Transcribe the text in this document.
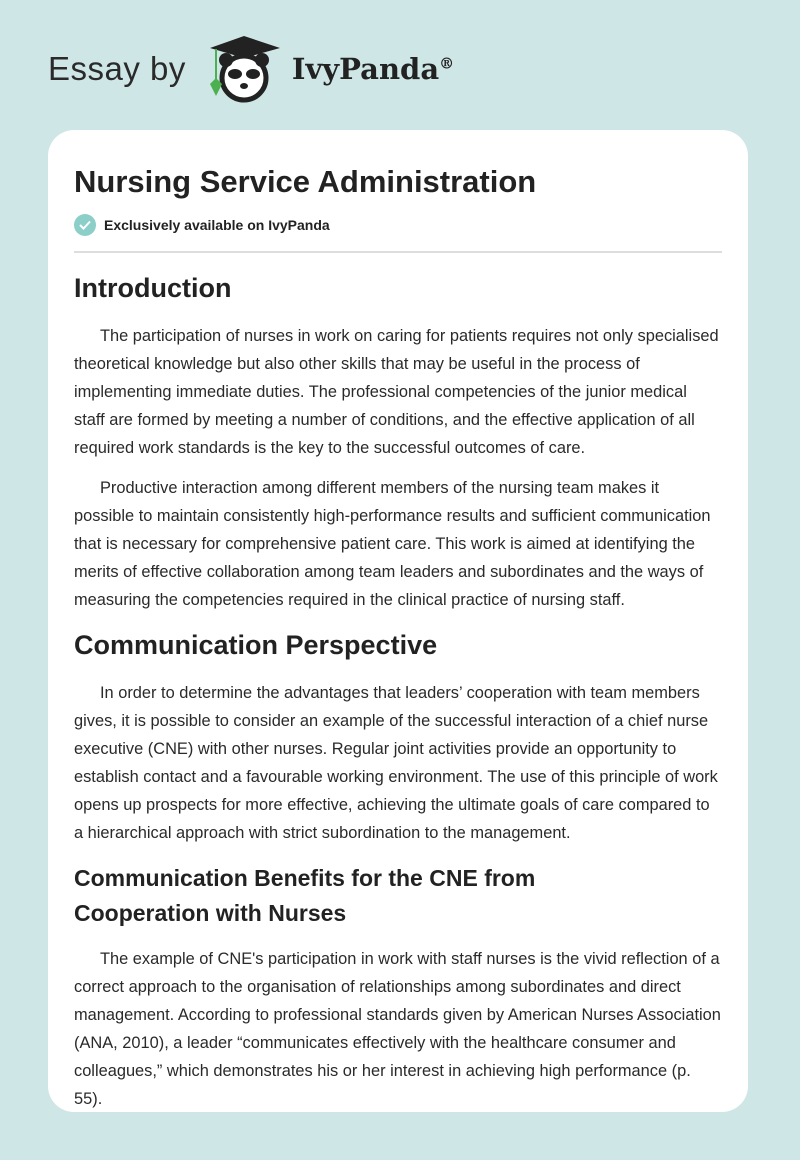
Essay by	IvyPanda®
Nursing Service Administration
Exclusively available on IvyPanda
Introduction

The participation of nurses in work on caring for patients requires not only specialised theoretical knowledge but also other skills that may be useful in the process of implementing immediate duties. The professional competencies of the junior medical staff are formed by meeting a number of conditions, and the effective application of all required work standards is the key to the successful outcomes of care.

Productive interaction among different members of the nursing team makes it possible to maintain consistently high-performance results and sufficient communication that is necessary for comprehensive patient care. This work is aimed at identifying the merits of effective collaboration among team leaders and subordinates and the ways of measuring the competencies required in the clinical practice of nursing staff.

Communication Perspective

In order to determine the advantages that leaders’ cooperation with team members gives, it is possible to consider an example of the successful interaction of a chief nurse executive (CNE) with other nurses. Regular joint activities provide an opportunity to establish contact and a favourable working environment. The use of this principle of work opens up prospects for more effective, achieving the ultimate goals of care compared to a hierarchical approach with strict subordination to the management.

Communication Benefits for the CNE from Cooperation with Nurses

The example of CNE's participation in work with staff nurses is the vivid reflection of a correct approach to the organisation of relationships among subordinates and direct management. According to professional standards given by American Nurses Association (ANA, 2010), a leader “communicates effectively with the healthcare consumer and colleagues,” which demonstrates his or her interest in achieving high performance (p. 55).
